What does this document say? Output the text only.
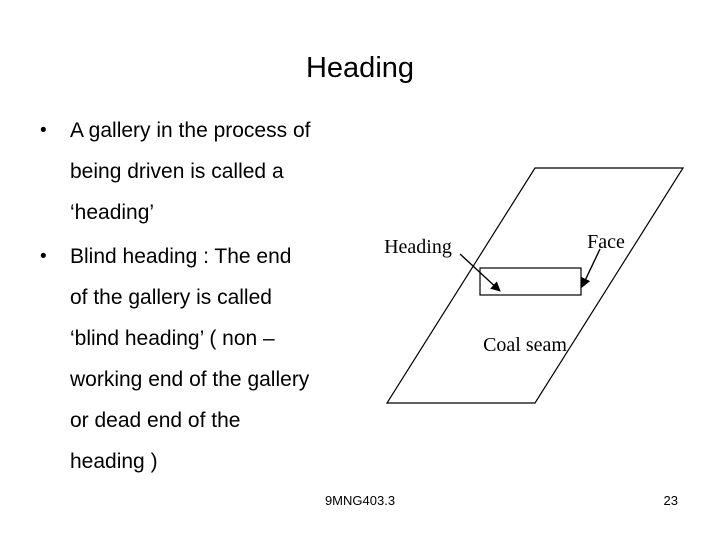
Heading
• A gallery in the process of
being driven is called a
‘heading’
• Blind heading : The end
of the gallery is called
‘blind heading’ ( non –
working end of the gallery
or dead end of the
heading )
Heading	Face
Coal seam
9MNG403.3	23
